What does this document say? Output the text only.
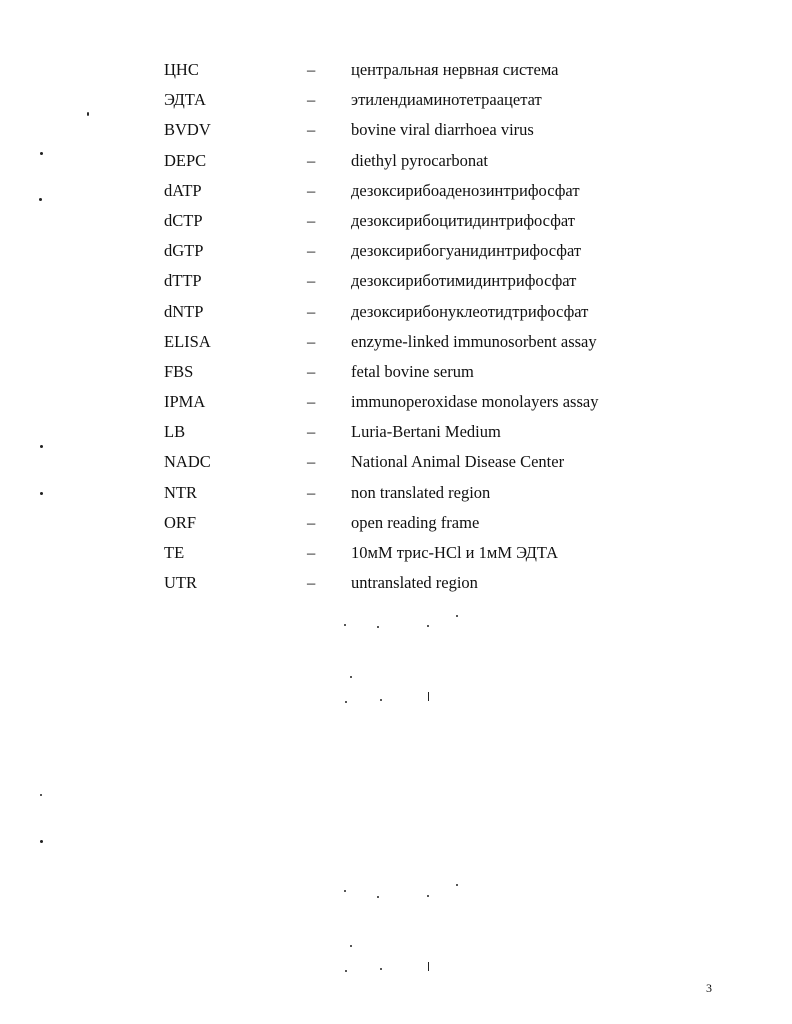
ЦНС	– центральная нервная система
ЭДТА	– этилендиаминотетраацетат
BVDV	– bovine viral diarrhoea virus
DEPC	– diethyl pyrocarbonat
dATP	– дезоксирибоаденозинтрифосфат
dCTP	– дезоксирибоцитидинтрифосфат
dGTP	– дезоксирибогуанидинтрифосфат
dTTP	– дезоксириботимидинтрифосфат
dNTP	– дезоксирибонуклеотидтрифосфат
ELISA	– enzyme-linked immunosorbent assay
FBS	– fetal bovine serum
IPMA	– immunoperoxidase monolayers assay
LB	– Luria-Bertani Medium
NADC	– National Animal Disease Center
NTR	– non translated region
ORF	– open reading frame
TE	– 10мМ трис-HCl и 1мМ ЭДТА
UTR	– untranslated region
3
